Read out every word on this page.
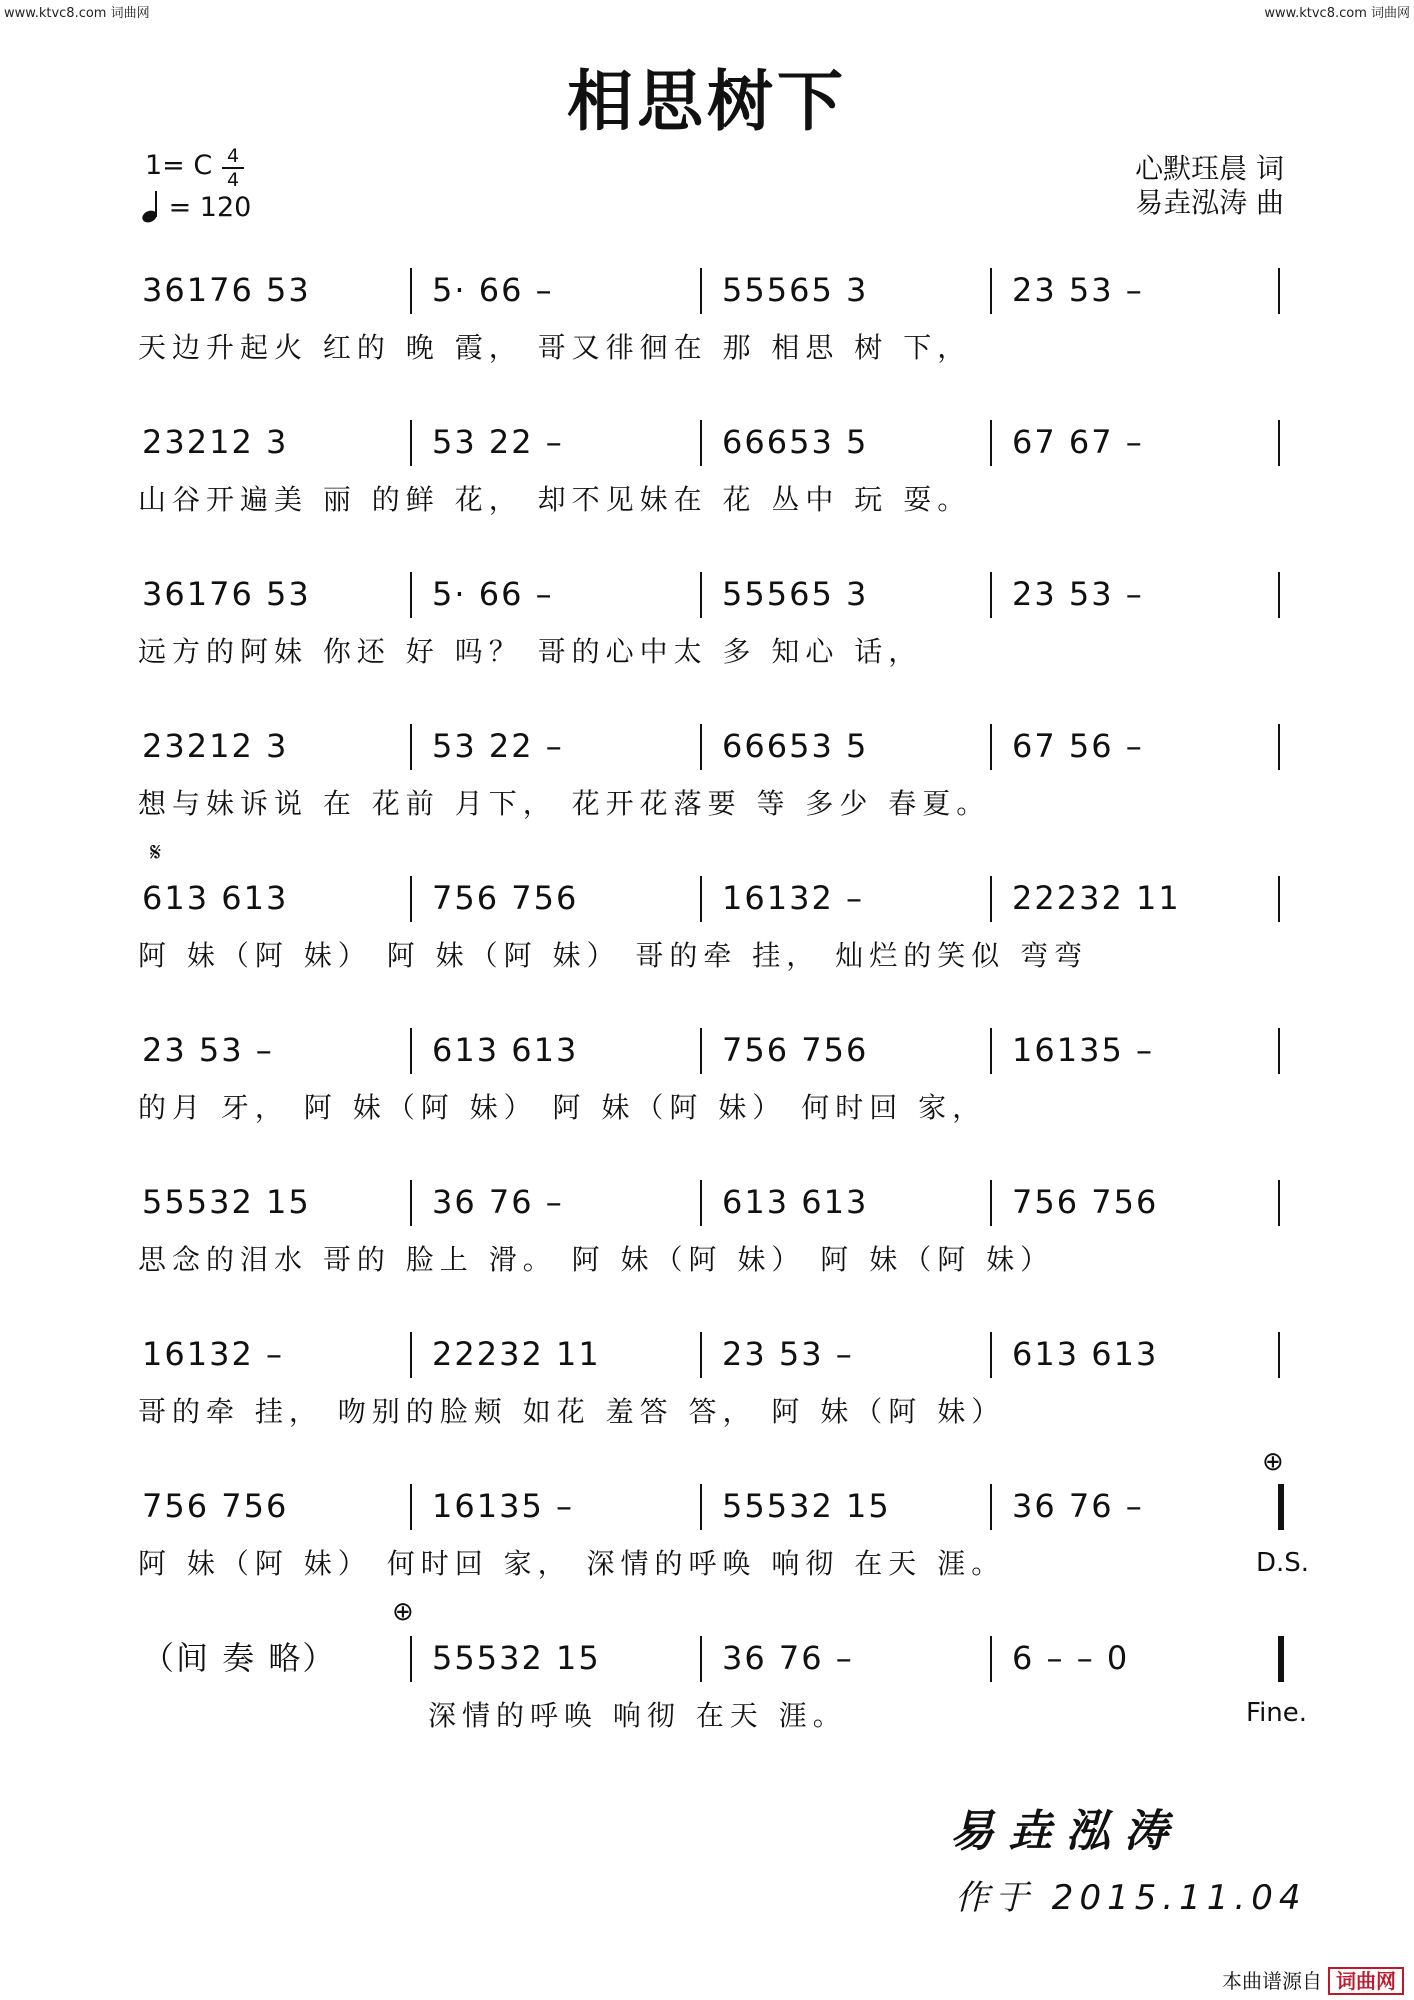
www.ktvc8.com 词曲网	www.ktvc8.com 词曲网
相思树下
1= C 4
4
= 120
心默珏晨 词
易垚泓涛 曲
36176 53	5· 66 –	55565 3	23 53 –
天边升起火 红的 晚 霞， 哥又徘徊在 那 相思 树 下，
23212 3	53 22 –	66653 5	67 67 –
山谷开遍美 丽 的鲜 花， 却不见妹在 花 丛中 玩 耍。
36176 53	5· 66 –	55565 3	23 53 –
远方的阿妹 你还 好 吗？ 哥的心中太 多 知心 话，
23212 3	53 22 –	66653 5	67 56 –
想与妹诉说 在 花前 月下， 花开花落要 等 多少 春夏。
613 613	756 756	16132 –	22232 11
阿 妹（阿 妹） 阿 妹（阿 妹） 哥的牵 挂， 灿烂的笑似 弯弯
23 53 –	613 613	756 756	16135 –
的月 牙， 阿 妹（阿 妹） 阿 妹（阿 妹） 何时回 家，
55532 15	36 76 –	613 613	756 756
思念的泪水 哥的 脸上 滑。 阿 妹（阿 妹） 阿 妹（阿 妹）
16132 –	22232 11	23 53 –	613 613
哥的牵 挂， 吻别的脸颊 如花 羞答 答， 阿 妹（阿 妹）
756 756	16135 –	55532 15	36 76 –
阿 妹（阿 妹） 何时回 家， 深情的呼唤 响彻 在天 涯。
（间 奏 略）	55532 15	36 76 –	6 – – 0
深情的呼唤 响彻 在天 涯。
𝄋
⊕
⊕
D.S.
Fine.
易垚泓涛
作于 2015.11.04
本曲谱源自 词曲网
